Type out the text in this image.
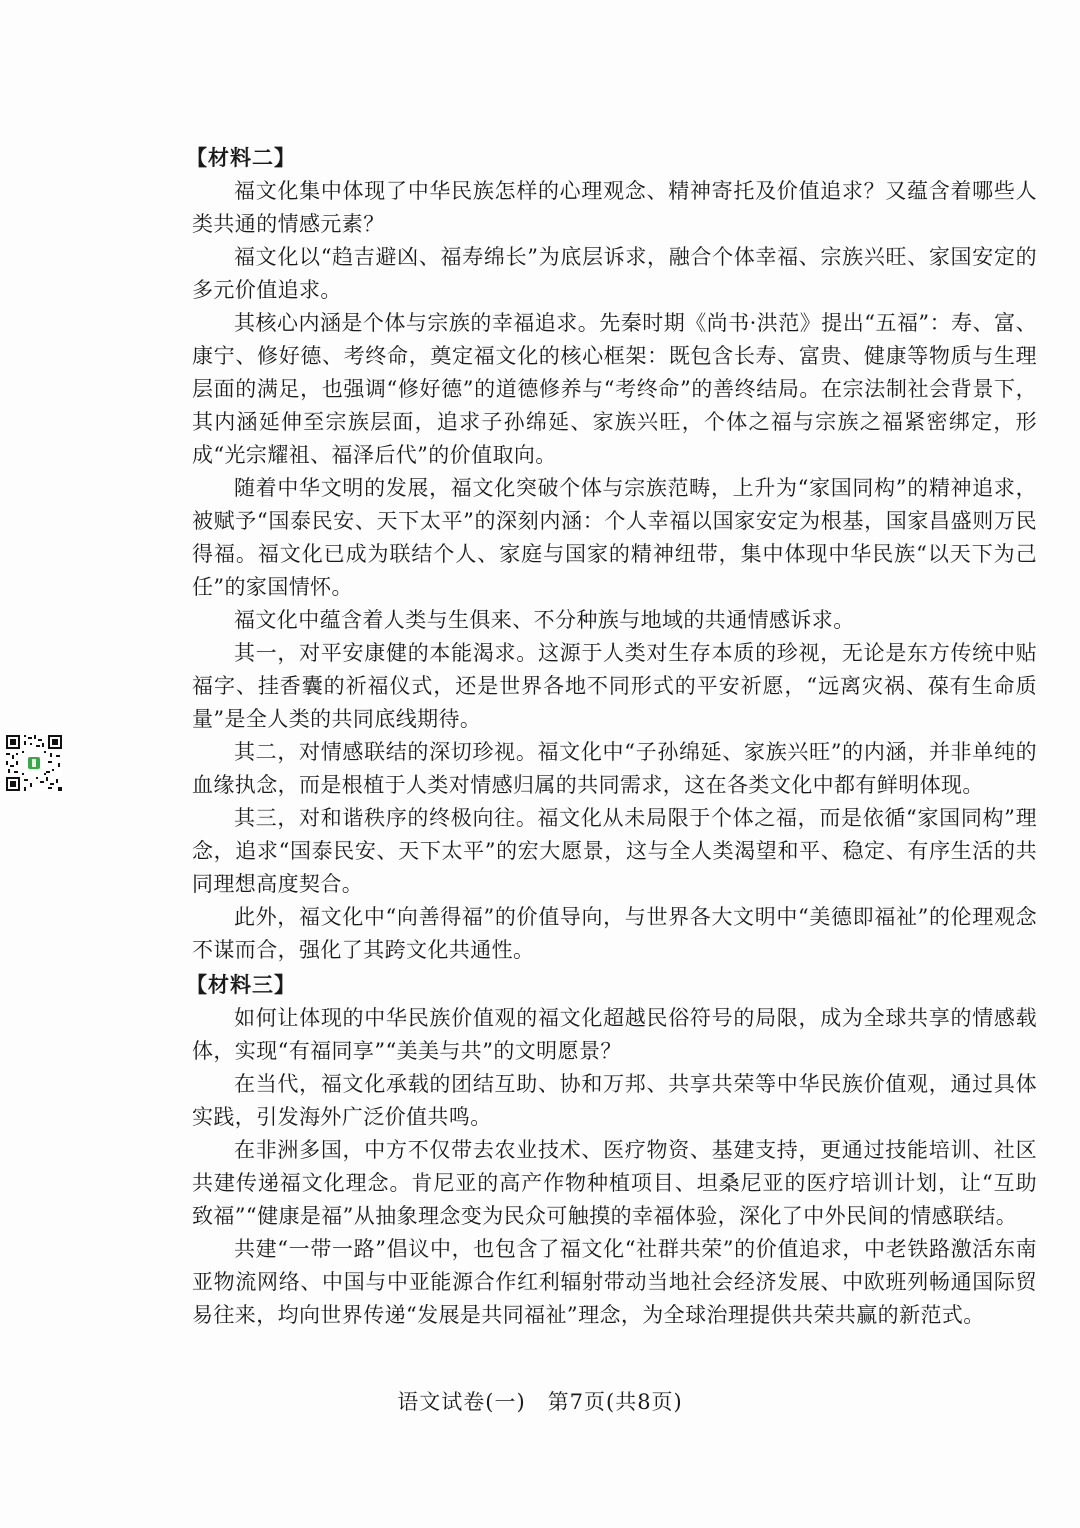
【材料二】

福文化集中体现了中华民族怎样的心理观念、精神寄托及价值追求？又蕴含着哪些人类共通的情感元素？

福文化以“趋吉避凶、福寿绵长”为底层诉求，融合个体幸福、宗族兴旺、家国安定的多元价值追求。

其核心内涵是个体与宗族的幸福追求。先秦时期《尚书·洪范》提出“五福”：寿、富、康宁、修好德、考终命，奠定福文化的核心框架：既包含长寿、富贵、健康等物质与生理层面的满足，也强调“修好德”的道德修养与“考终命”的善终结局。在宗法制社会背景下，其内涵延伸至宗族层面，追求子孙绵延、家族兴旺，个体之福与宗族之福紧密绑定，形成“光宗耀祖、福泽后代”的价值取向。

随着中华文明的发展，福文化突破个体与宗族范畴，上升为“家国同构”的精神追求，被赋予“国泰民安、天下太平”的深刻内涵：个人幸福以国家安定为根基，国家昌盛则万民得福。福文化已成为联结个人、家庭与国家的精神纽带，集中体现中华民族“以天下为己任”的家国情怀。

福文化中蕴含着人类与生俱来、不分种族与地域的共通情感诉求。

其一，对平安康健的本能渴求。这源于人类对生存本质的珍视，无论是东方传统中贴福字、挂香囊的祈福仪式，还是世界各地不同形式的平安祈愿，“远离灾祸、葆有生命质量”是全人类的共同底线期待。

其二，对情感联结的深切珍视。福文化中“子孙绵延、家族兴旺”的内涵，并非单纯的血缘执念，而是根植于人类对情感归属的共同需求，这在各类文化中都有鲜明体现。

其三，对和谐秩序的终极向往。福文化从未局限于个体之福，而是依循“家国同构”理念，追求“国泰民安、天下太平”的宏大愿景，这与全人类渴望和平、稳定、有序生活的共同理想高度契合。

此外，福文化中“向善得福”的价值导向，与世界各大文明中“美德即福祉”的伦理观念不谋而合，强化了其跨文化共通性。

【材料三】

如何让体现的中华民族价值观的福文化超越民俗符号的局限，成为全球共享的情感载体，实现“有福同享”“美美与共”的文明愿景？

在当代，福文化承载的团结互助、协和万邦、共享共荣等中华民族价值观，通过具体实践，引发海外广泛价值共鸣。

在非洲多国，中方不仅带去农业技术、医疗物资、基建支持，更通过技能培训、社区共建传递福文化理念。肯尼亚的高产作物种植项目、坦桑尼亚的医疗培训计划，让“互助致福”“健康是福”从抽象理念变为民众可触摸的幸福体验，深化了中外民间的情感联结。

共建“一带一路”倡议中，也包含了福文化“社群共荣”的价值追求，中老铁路激活东南亚物流网络、中国与中亚能源合作红利辐射带动当地社会经济发展、中欧班列畅通国际贸易往来，均向世界传递“发展是共同福祉”理念，为全球治理提供共荣共赢的新范式。

语文试卷(一)　第7页(共8页)
